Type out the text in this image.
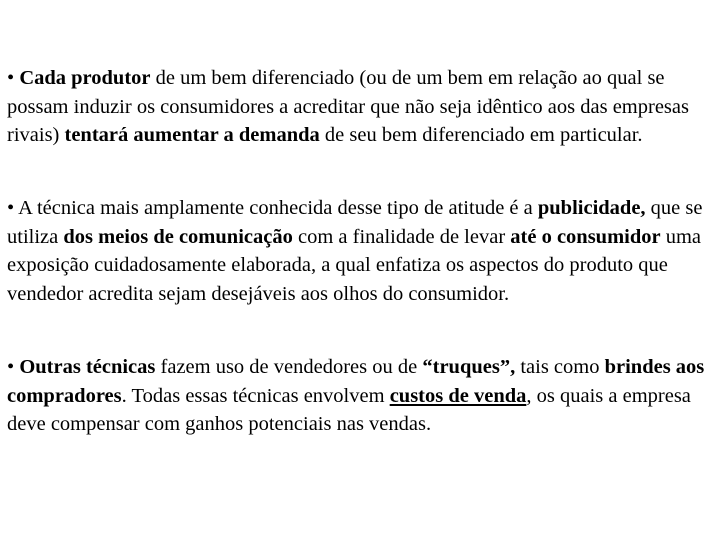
• Cada produtor de um bem diferenciado (ou de um bem em relação ao qual se possam induzir os consumidores a acreditar que não seja idêntico aos das empresas rivais) tentará aumentar a demanda de seu bem diferenciado em particular.

• A técnica mais amplamente conhecida desse tipo de atitude é a publicidade, que se utiliza dos meios de comunicação com a finalidade de levar até o consumidor uma exposição cuidadosamente elaborada, a qual enfatiza os aspectos do produto que vendedor acredita sejam desejáveis aos olhos do consumidor.

• Outras técnicas fazem uso de vendedores ou de “truques”, tais como brindes aos compradores. Todas essas técnicas envolvem custos de venda, os quais a empresa deve compensar com ganhos potenciais nas vendas.
